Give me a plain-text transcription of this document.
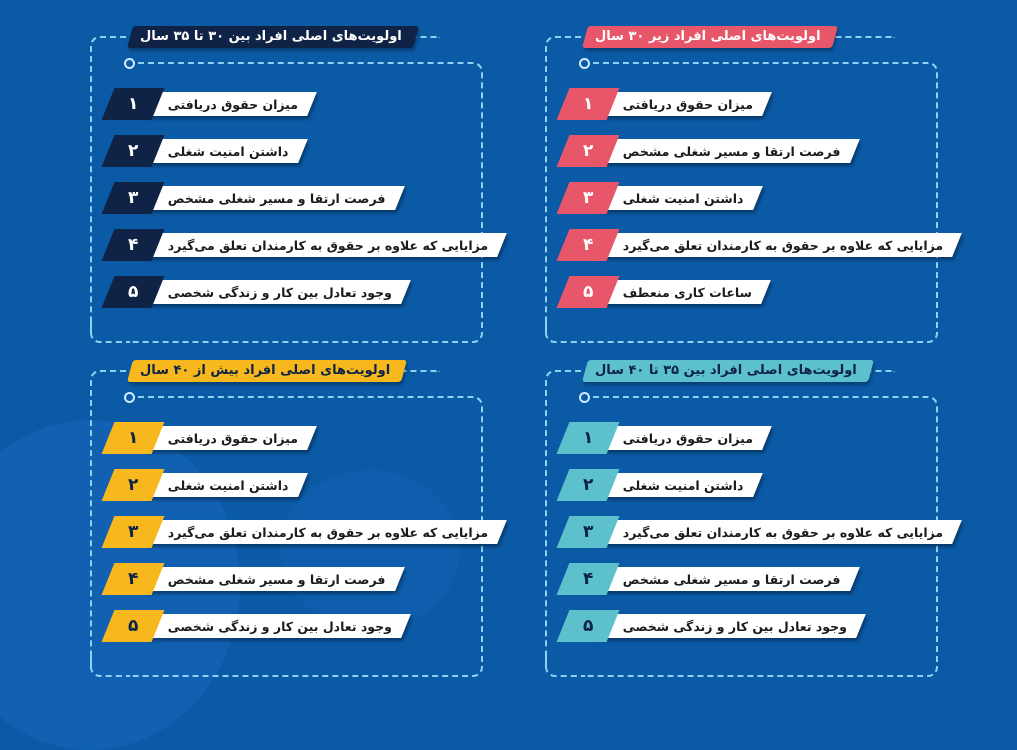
اولویت‌های اصلی افراد زیر ۳۰ سال
۱ میزان حقوق دریافتی
۲ فرصت ارتقا و مسیر شغلی مشخص
۳ داشتن امنیت شغلی
۴ مزایایی که علاوه بر حقوق به کارمندان تعلق می‌گیرد
۵ ساعات کاری منعطف
اولویت‌های اصلی افراد بین ۳۰ تا ۳۵ سال
۱ میزان حقوق دریافتی
۲ داشتن امنیت شغلی
۳ فرصت ارتقا و مسیر شغلی مشخص
۴ مزایایی که علاوه بر حقوق به کارمندان تعلق می‌گیرد
۵ وجود تعادل بین کار و زندگی شخصی
اولویت‌های اصلی افراد بین ۳۵ تا ۴۰ سال
۱ میزان حقوق دریافتی
۲ داشتن امنیت شغلی
۳ مزایایی که علاوه بر حقوق به کارمندان تعلق می‌گیرد
۴ فرصت ارتقا و مسیر شغلی مشخص
۵ وجود تعادل بین کار و زندگی شخصی
اولویت‌های اصلی افراد بیش از ۴۰ سال
۱ میزان حقوق دریافتی
۲ داشتن امنیت شغلی
۳ مزایایی که علاوه بر حقوق به کارمندان تعلق می‌گیرد
۴ فرصت ارتقا و مسیر شغلی مشخص
۵ وجود تعادل بین کار و زندگی شخصی
